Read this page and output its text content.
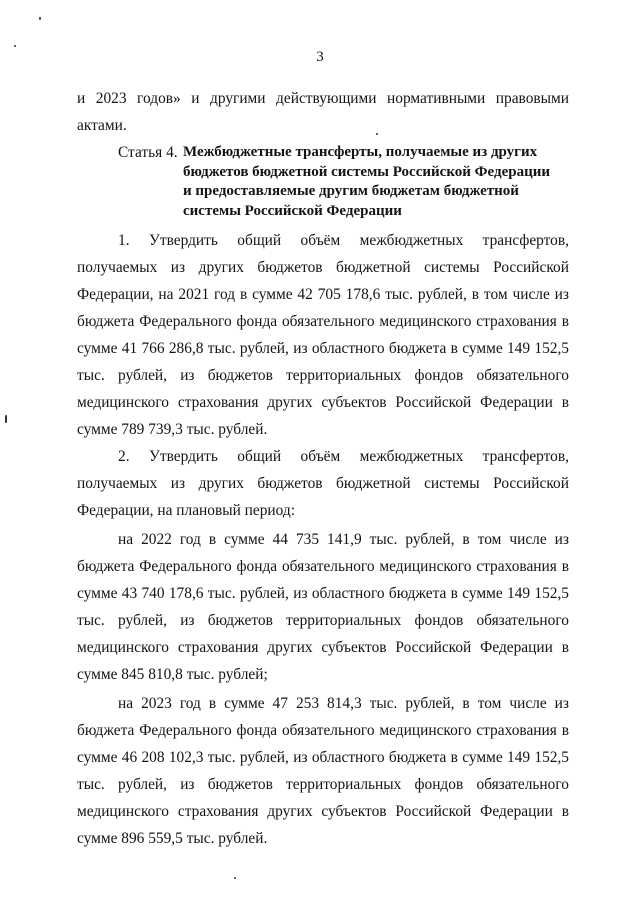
3

и 2023 годов» и другими действующими нормативными правовыми актами.

Статья 4. Межбюджетные трансферты, получаемые из других бюджетов бюджетной системы Российской Федерации и предоставляемые другим бюджетам бюджетной системы Российской Федерации

1. Утвердить общий объём межбюджетных трансфертов, получаемых из других бюджетов бюджетной системы Российской Федерации, на 2021 год в сумме 42 705 178,6 тыс. рублей, в том числе из бюджета Федерального фонда обязательного медицинского страхования в сумме 41 766 286,8 тыс. рублей, из областного бюджета в сумме 149 152,5 тыс. рублей, из бюджетов территориальных фондов обязательного медицинского страхования других субъектов Российской Федерации в сумме 789 739,3 тыс. рублей.

2. Утвердить общий объём межбюджетных трансфертов, получаемых из других бюджетов бюджетной системы Российской Федерации, на плановый период:

на 2022 год в сумме 44 735 141,9 тыс. рублей, в том числе из бюджета Федерального фонда обязательного медицинского страхования в сумме 43 740 178,6 тыс. рублей, из областного бюджета в сумме 149 152,5 тыс. рублей, из бюджетов территориальных фондов обязательного медицинского страхования других субъектов Российской Федерации в сумме 845 810,8 тыс. рублей;

на 2023 год в сумме 47 253 814,3 тыс. рублей, в том числе из бюджета Федерального фонда обязательного медицинского страхования в сумме 46 208 102,3 тыс. рублей, из областного бюджета в сумме 149 152,5 тыс. рублей, из бюджетов территориальных фондов обязательного медицинского страхования других субъектов Российской Федерации в сумме 896 559,5 тыс. рублей.
